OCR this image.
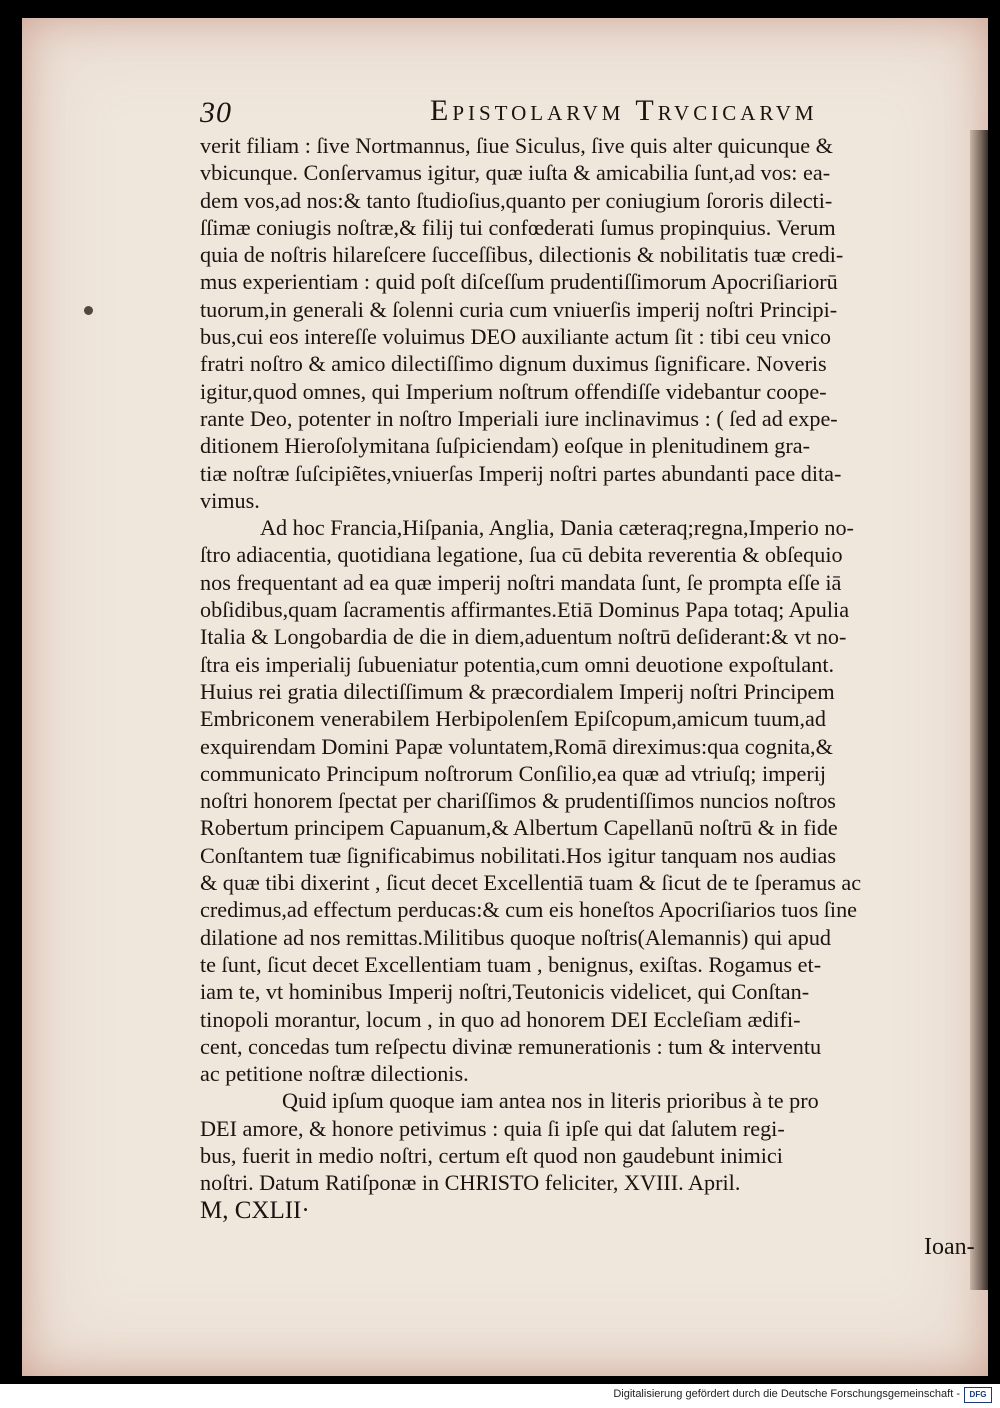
30	Epistolarvm Trvcicarvm
verit filiam : ſive Nortmannus, ſiue Siculus, ſive quis alter quicunque &
vbicunque. Conſervamus igitur, quæ iuſta & amicabilia ſunt,ad vos: ea-
dem vos,ad nos:& tanto ſtudioſius,quanto per coniugium ſororis dilecti-
ſſimæ coniugis noſtræ,& filij tui confœderati ſumus propinquius. Verum
quia de noſtris hilareſcere ſucceſſibus, dilectionis & nobilitatis tuæ credi-
mus experientiam : quid poſt diſceſſum prudentiſſimorum Apocriſiariorū
tuorum,in generali & ſolenni curia cum vniuerſis imperij noſtri Principi-
bus,cui eos intereſſe voluimus DEO auxiliante actum ſit : tibi ceu vnico
fratri noſtro & amico dilectiſſimo dignum duximus ſignificare. Noveris
igitur,quod omnes, qui Imperium noſtrum offendiſſe videbantur coope-
rante Deo, potenter in noſtro Imperiali iure inclinavimus : ( ſed ad expe-
ditionem Hieroſolymitana ſuſpiciendam) eoſque in plenitudinem gra-
tiæ noſtræ ſuſcipiẽtes,vniuerſas Imperij noſtri partes abundanti pace dita-
vimus.
Ad hoc Francia,Hiſpania, Anglia, Dania cæteraq;regna,Imperio no-
ſtro adiacentia, quotidiana legatione, ſua cū debita reverentia & obſequio
nos frequentant ad ea quæ imperij noſtri mandata ſunt, ſe prompta eſſe iā
obſidibus,quam ſacramentis affirmantes.Etiā Dominus Papa totaq; Apulia
Italia & Longobardia de die in diem,aduentum noſtrū deſiderant:& vt no-
ſtra eis imperialij ſubueniatur potentia,cum omni deuotione expoſtulant.
Huius rei gratia dilectiſſimum & præcordialem Imperij noſtri Principem
Embriconem venerabilem Herbipolenſem Epiſcopum,amicum tuum,ad
exquirendam Domini Papæ voluntatem,Romā direximus:qua cognita,&
communicato Principum noſtrorum Conſilio,ea quæ ad vtriuſq; imperij
noſtri honorem ſpectat per chariſſimos & prudentiſſimos nuncios noſtros
Robertum principem Capuanum,& Albertum Capellanū noſtrū & in fide
Conſtantem tuæ ſignificabimus nobilitati.Hos igitur tanquam nos audias
& quæ tibi dixerint , ſicut decet Excellentiā tuam & ſicut de te ſperamus ac
credimus,ad effectum perducas:& cum eis honeſtos Apocriſiarios tuos ſine
dilatione ad nos remittas.Militibus quoque noſtris(Alemannis) qui apud
te ſunt, ſicut decet Excellentiam tuam , benignus, exiſtas. Rogamus et-
iam te, vt hominibus Imperij noſtri,Teutonicis videlicet, qui Conſtan-
tinopoli morantur, locum , in quo ad honorem DEI Eccleſiam ædifi-
cent, concedas tum reſpectu divinæ remunerationis : tum & interventu
ac petitione noſtræ dilectionis.
Quid ipſum quoque iam antea nos in literis prioribus à te pro
DEI amore, & honore petivimus : quia ſi ipſe qui dat ſalutem regi-
bus, fuerit in medio noſtri, certum eſt quod non gaudebunt inimici
noſtri. Datum Ratiſponæ in CHRISTO feliciter, XVIII. April.
M, CXLII·
Ioan-
Digitalisierung gefördert durch die Deutsche Forschungsgemeinschaft -	DFG
